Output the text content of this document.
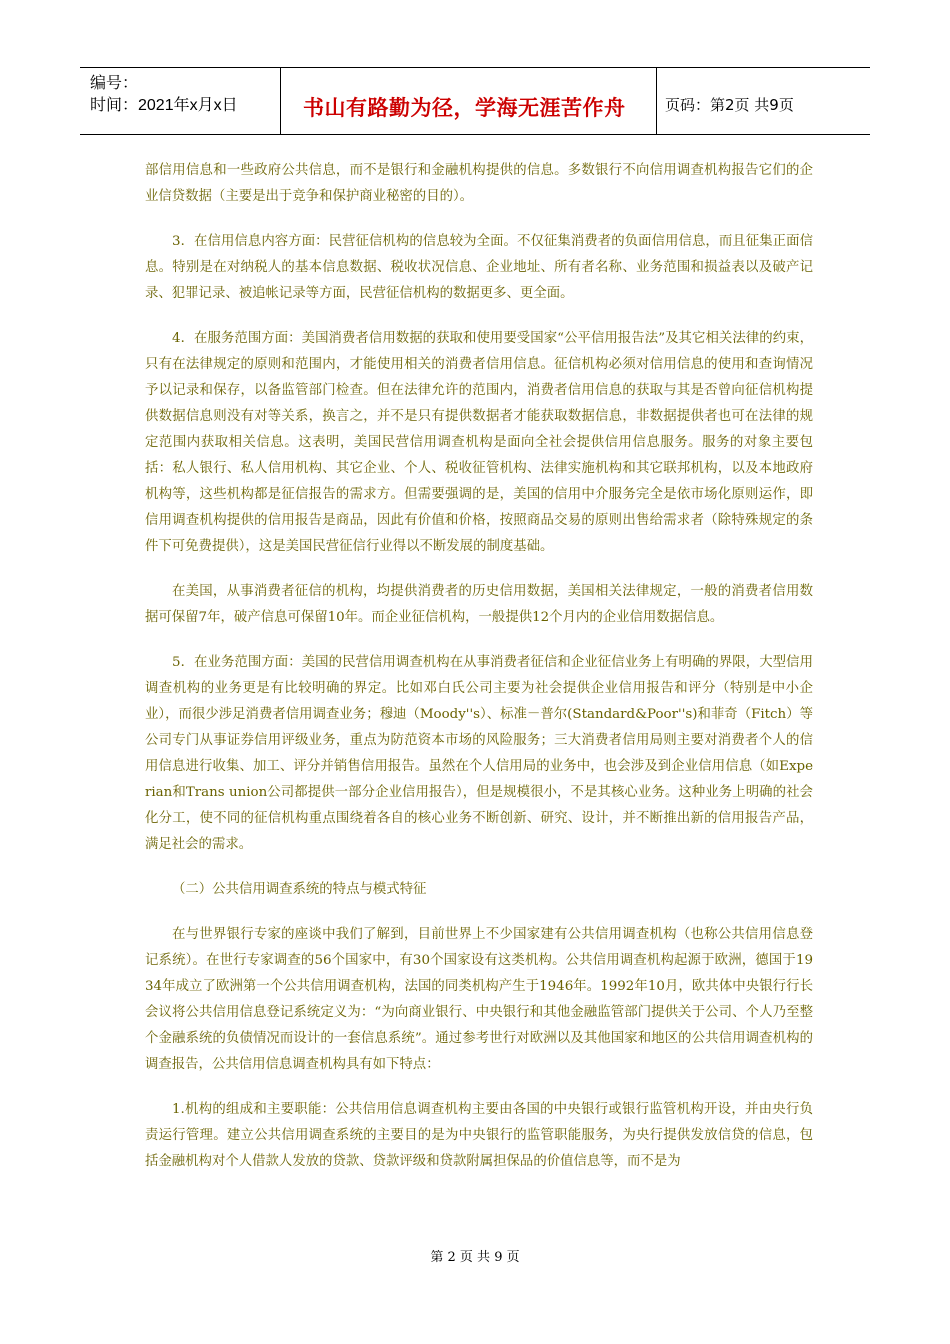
编号：
时间：2021年x月x日	书山有路勤为径，学海无涯苦作舟	页码：第2页 共9页

部信用信息和一些政府公共信息，而不是银行和金融机构提供的信息。多数银行不向信用调查机构报告它们的企业信贷数据（主要是出于竞争和保护商业秘密的目的）。

3．在信用信息内容方面：民营征信机构的信息较为全面。不仅征集消费者的负面信用信息，而且征集正面信息。特别是在对纳税人的基本信息数据、税收状况信息、企业地址、所有者名称、业务范围和损益表以及破产记录、犯罪记录、被追帐记录等方面，民营征信机构的数据更多、更全面。

4．在服务范围方面：美国消费者信用数据的获取和使用要受国家“公平信用报告法”及其它相关法律的约束，只有在法律规定的原则和范围内，才能使用相关的消费者信用信息。征信机构必须对信用信息的使用和查询情况予以记录和保存，以备监管部门检查。但在法律允许的范围内，消费者信用信息的获取与其是否曾向征信机构提供数据信息则没有对等关系，换言之，并不是只有提供数据者才能获取数据信息，非数据提供者也可在法律的规定范围内获取相关信息。这表明，美国民营信用调查机构是面向全社会提供信用信息服务。服务的对象主要包括：私人银行、私人信用机构、其它企业、个人、税收征管机构、法律实施机构和其它联邦机构，以及本地政府机构等，这些机构都是征信报告的需求方。但需要强调的是，美国的信用中介服务完全是依市场化原则运作，即信用调查机构提供的信用报告是商品，因此有价值和价格，按照商品交易的原则出售给需求者（除特殊规定的条件下可免费提供），这是美国民营征信行业得以不断发展的制度基础。

在美国，从事消费者征信的机构，均提供消费者的历史信用数据，美国相关法律规定，一般的消费者信用数据可保留7年，破产信息可保留10年。而企业征信机构，一般提供12个月内的企业信用数据信息。

5．在业务范围方面：美国的民营信用调查机构在从事消费者征信和企业征信业务上有明确的界限，大型信用调查机构的业务更是有比较明确的界定。比如邓白氏公司主要为社会提供企业信用报告和评分（特别是中小企业），而很少涉足消费者信用调查业务；穆迪（Moody''s）、标准－普尔(Standard&Poor''s)和菲奇（Fitch）等公司专门从事证券信用评级业务，重点为防范资本市场的风险服务；三大消费者信用局则主要对消费者个人的信用信息进行收集、加工、评分并销售信用报告。虽然在个人信用局的业务中，也会涉及到企业信用信息（如Experian和Trans union公司都提供一部分企业信用报告），但是规模很小，不是其核心业务。这种业务上明确的社会化分工，使不同的征信机构重点围绕着各自的核心业务不断创新、研究、设计，并不断推出新的信用报告产品，满足社会的需求。

（二）公共信用调查系统的特点与模式特征

在与世界银行专家的座谈中我们了解到，目前世界上不少国家建有公共信用调查机构（也称公共信用信息登记系统）。在世行专家调查的56个国家中，有30个国家设有这类机构。公共信用调查机构起源于欧洲，德国于1934年成立了欧洲第一个公共信用调查机构，法国的同类机构产生于1946年。1992年10月，欧共体中央银行行长会议将公共信用信息登记系统定义为：“为向商业银行、中央银行和其他金融监管部门提供关于公司、个人乃至整个金融系统的负债情况而设计的一套信息系统”。通过参考世行对欧洲以及其他国家和地区的公共信用调查机构的调查报告，公共信用信息调查机构具有如下特点：

1.机构的组成和主要职能：公共信用信息调查机构主要由各国的中央银行或银行监管机构开设，并由央行负责运行管理。建立公共信用调查系统的主要目的是为中央银行的监管职能服务，为央行提供发放信贷的信息，包括金融机构对个人借款人发放的贷款、贷款评级和贷款附属担保品的价值信息等，而不是为

第 2 页 共 9 页
